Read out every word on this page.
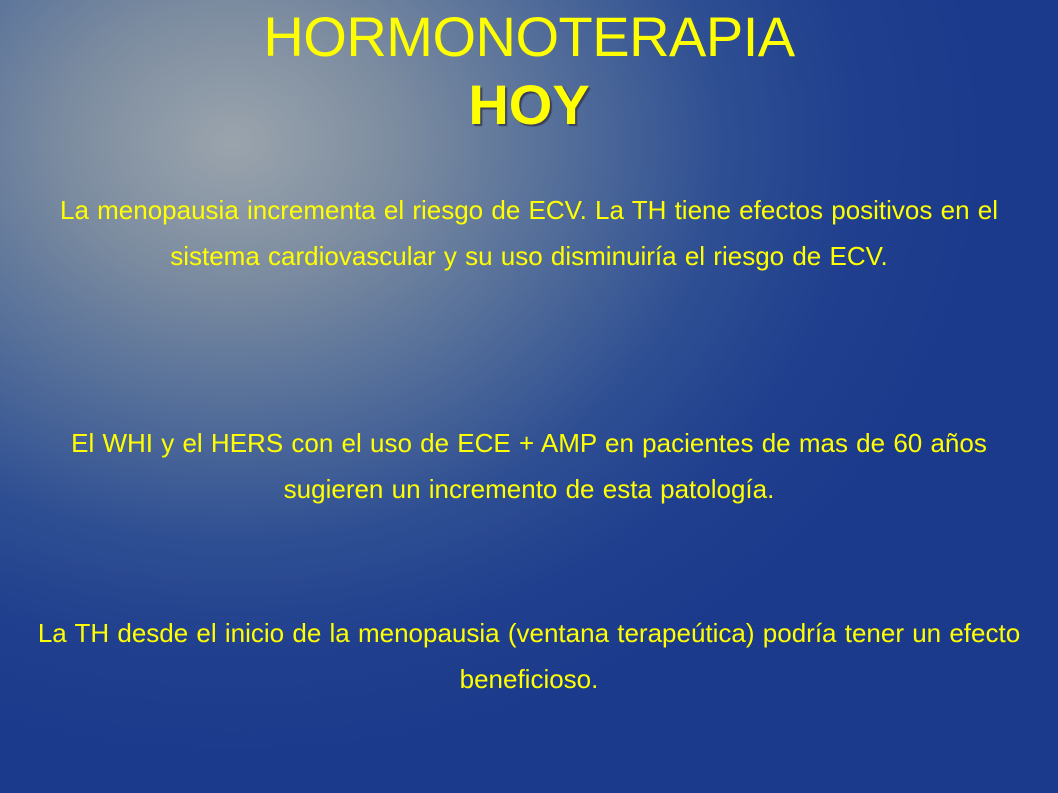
HORMONOTERAPIA
HOY

La menopausia incrementa el riesgo de ECV. La TH tiene efectos positivos en el sistema cardiovascular y su uso disminuiría el riesgo de ECV.

El WHI y el HERS con el uso de ECE + AMP en pacientes de mas de 60 años sugieren un incremento de esta patología.

La TH desde el inicio de la menopausia (ventana terapeútica) podría tener un efecto beneficioso.
